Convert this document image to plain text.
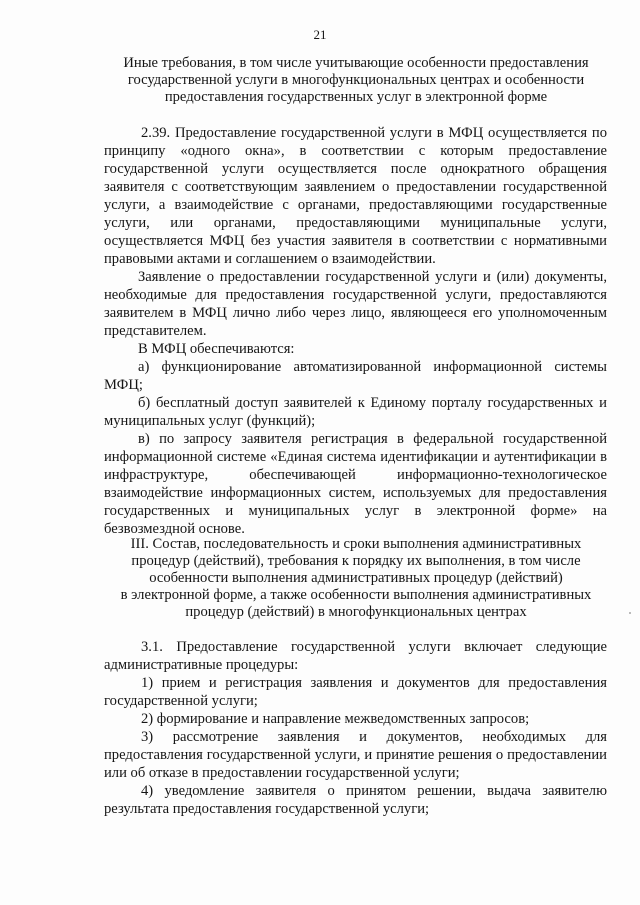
21
Иные требования, в том числе учитывающие особенности предоставления
государственной услуги в многофункциональных центрах и особенности
предоставления государственных услуг в электронной форме

2.39. Предоставление государственной услуги в МФЦ осуществляется по принципу «одного окна», в соответствии с которым предоставление государственной услуги осуществляется после однократного обращения заявителя с соответствующим заявлением о предоставлении государственной услуги, а взаимодействие с органами, предоставляющими государственные услуги, или органами, предоставляющими муниципальные услуги, осуществляется МФЦ без участия заявителя в соответствии с нормативными правовыми актами и соглашением о взаимодействии.

Заявление о предоставлении государственной услуги и (или) документы, необходимые для предоставления государственной услуги, предоставляются заявителем в МФЦ лично либо через лицо, являющееся его уполномоченным представителем.

В МФЦ обеспечиваются:

а) функционирование автоматизированной информационной системы МФЦ;

б) бесплатный доступ заявителей к Единому порталу государственных и муниципальных услуг (функций);

в) по запросу заявителя регистрация в федеральной государственной информационной системе «Единая система идентификации и аутентификации в инфраструктуре, обеспечивающей информационно-технологическое взаимодействие информационных систем, используемых для предоставления государственных и муниципальных услуг в электронной форме» на безвозмездной основе.

III. Состав, последовательность и сроки выполнения административных
процедур (действий), требования к порядку их выполнения, в том числе
особенности выполнения административных процедур (действий)
в электронной форме, а также особенности выполнения административных
процедур (действий) в многофункциональных центрах

3.1. Предоставление государственной услуги включает следующие административные процедуры:

1) прием и регистрация заявления и документов для предоставления государственной услуги;

2) формирование и направление межведомственных запросов;

3) рассмотрение заявления и документов, необходимых для предоставления государственной услуги, и принятие решения о предоставлении или об отказе в предоставлении государственной услуги;

4) уведомление заявителя о принятом решении, выдача заявителю результата предоставления государственной услуги;
